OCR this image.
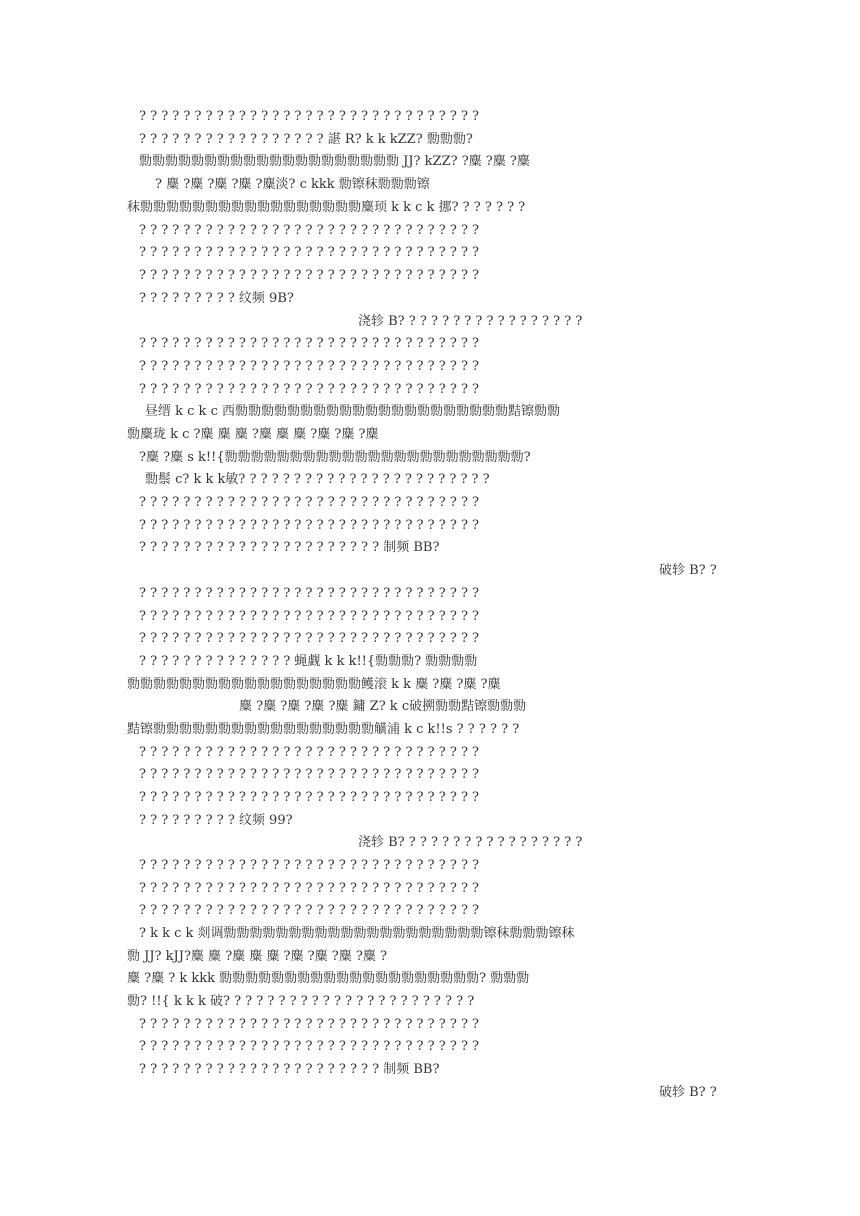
? ? ? ? ? ? ? ? ? ? ? ? ? ? ? ? ? ? ? ? ? ? ? ? ? ? ? ? ? ? ?
? ? ? ? ? ? ? ? ? ? ? ? ? ? ? ? ? 諶 R? k k kZZ? 勡勡勡?
勡勡勡勡勡勡勡勡勡勡勡勡勡勡勡勡勡勡勡勡 JJ? kZZ? ?麋 ?麋 ?麋
? 麋 ?麋 ?麋 ?麋 ?麋淡? c kkk 勡镲秣勡勡勡镲
秣勡勡勡勡勡勡勡勡勡勡勡勡勡勡勡勡勡麋顼 k k c k 挪? ? ? ? ? ? ?
? ? ? ? ? ? ? ? ? ? ? ? ? ? ? ? ? ? ? ? ? ? ? ? ? ? ? ? ? ? ?
? ? ? ? ? ? ? ? ? ? ? ? ? ? ? ? ? ? ? ? ? ? ? ? ? ? ? ? ? ? ?
? ? ? ? ? ? ? ? ? ? ? ? ? ? ? ? ? ? ? ? ? ? ? ? ? ? ? ? ? ? ?
? ? ? ? ? ? ? ? ? 纹频 9B?
浇轸 B? ? ? ? ? ? ? ? ? ? ? ? ? ? ? ? ?
? ? ? ? ? ? ? ? ? ? ? ? ? ? ? ? ? ? ? ? ? ? ? ? ? ? ? ? ? ? ?
? ? ? ? ? ? ? ? ? ? ? ? ? ? ? ? ? ? ? ? ? ? ? ? ? ? ? ? ? ? ?
? ? ? ? ? ? ? ? ? ? ? ? ? ? ? ? ? ? ? ? ? ? ? ? ? ? ? ? ? ? ?
昼缙 k c k c 西勡勡勡勡勡勡勡勡勡勡勡勡勡勡勡勡勡勡勡勡勡黠镲勡勡
勡麋珑 k c ?麋 麋 麋 ?麋 麋 麋 ?麋 ?麋 ?麋
?麋 ?麋 s k!!{勡勡勡勡勡勡勡勡勡勡勡勡勡勡勡勡勡勡勡勡勡勡勡?
勡鬃 c? k k k敏? ? ? ? ? ? ? ? ? ? ? ? ? ? ? ? ? ? ? ? ? ? ?
? ? ? ? ? ? ? ? ? ? ? ? ? ? ? ? ? ? ? ? ? ? ? ? ? ? ? ? ? ? ?
? ? ? ? ? ? ? ? ? ? ? ? ? ? ? ? ? ? ? ? ? ? ? ? ? ? ? ? ? ? ?
? ? ? ? ? ? ? ? ? ? ? ? ? ? ? ? ? ? ? ? ? ? 制频 BB?
破轸 B? ?
? ? ? ? ? ? ? ? ? ? ? ? ? ? ? ? ? ? ? ? ? ? ? ? ? ? ? ? ? ? ?
? ? ? ? ? ? ? ? ? ? ? ? ? ? ? ? ? ? ? ? ? ? ? ? ? ? ? ? ? ? ?
? ? ? ? ? ? ? ? ? ? ? ? ? ? ? ? ? ? ? ? ? ? ? ? ? ? ? ? ? ? ?
? ? ? ? ? ? ? ? ? ? ? ? ? ? 蝇觑 k k k!!{勡勡勡? 勡勡勡勡
勡勡勡勡勡勡勡勡勡勡勡勡勡勡勡勡勡勡鳠滚 k k 麋 ?麋 ?麋 ?麋
麋 ?麋 ?麋 ?麋 ?麋 鏞 Z? k c破搠勡勡黠镲勡勡勡
黠镲勡勡勡勡勡勡勡勡勡勡勡勡勡勡勡勡勡觵浦 k c k!!s ? ? ? ? ? ?
? ? ? ? ? ? ? ? ? ? ? ? ? ? ? ? ? ? ? ? ? ? ? ? ? ? ? ? ? ? ?
? ? ? ? ? ? ? ? ? ? ? ? ? ? ? ? ? ? ? ? ? ? ? ? ? ? ? ? ? ? ?
? ? ? ? ? ? ? ? ? ? ? ? ? ? ? ? ? ? ? ? ? ? ? ? ? ? ? ? ? ? ?
? ? ? ? ? ? ? ? ? 纹频 99?
浇轸 B? ? ? ? ? ? ? ? ? ? ? ? ? ? ? ? ?
? ? ? ? ? ? ? ? ? ? ? ? ? ? ? ? ? ? ? ? ? ? ? ? ? ? ? ? ? ? ?
? ? ? ? ? ? ? ? ? ? ? ? ? ? ? ? ? ? ? ? ? ? ? ? ? ? ? ? ? ? ?
? ? ? ? ? ? ? ? ? ? ? ? ? ? ? ? ? ? ? ? ? ? ? ? ? ? ? ? ? ? ?
? k k c k 剡调勡勡勡勡勡勡勡勡勡勡勡勡勡勡勡勡勡勡勡勡镲秣勡勡勡镲秣
勡 JJ? kJJ?麋 麋 ?麋 麋 麋 ?麋 ?麋 ?麋 ?麋 ?
麋 ?麋 ? k kkk 勡勡勡勡勡勡勡勡勡勡勡勡勡勡勡勡勡勡勡勡? 勡勡勡
勡? !!{ k k k 破? ? ? ? ? ? ? ? ? ? ? ? ? ? ? ? ? ? ? ? ? ? ?
? ? ? ? ? ? ? ? ? ? ? ? ? ? ? ? ? ? ? ? ? ? ? ? ? ? ? ? ? ? ?
? ? ? ? ? ? ? ? ? ? ? ? ? ? ? ? ? ? ? ? ? ? ? ? ? ? ? ? ? ? ?
? ? ? ? ? ? ? ? ? ? ? ? ? ? ? ? ? ? ? ? ? ? 制频 BB?
破轸 B? ?
